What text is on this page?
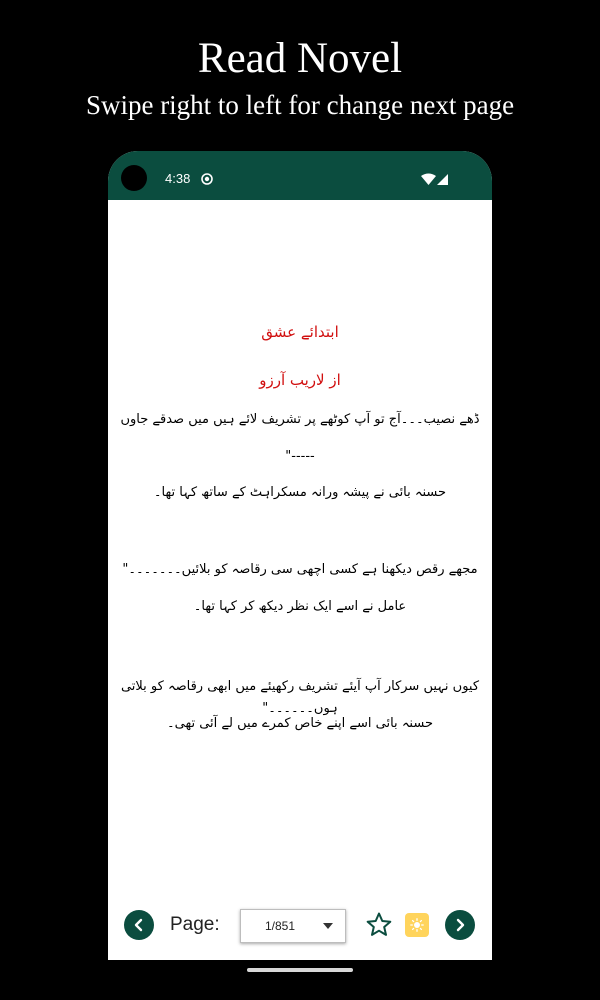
Read Novel
Swipe right to left for change next page
4:38
ابتدائے عشق
از لاریب آرزو
ڈھے نصیب۔۔۔آج تو آپ کوٹھے پر تشریف لائے ہیں میں صدقے جاوں
"-----
حسنہ بائی نے پیشہ ورانہ مسکراہٹ کے ساتھ کہا تھا۔
مجھے رقص دیکھنا ہے کسی اچھی سی رقاصہ کو بلائیں۔۔۔۔۔۔۔"
عامل نے اسے ایک نظر دیکھ کر کہا تھا۔
کیوں نہیں سرکار آپ آیئے تشریف رکھیئے میں ابھی رقاصہ کو بلاتی ہوں۔۔۔۔۔۔"
حسنہ بائی اسے اپنے خاص کمرے میں لے آئی تھی۔
Page:	1/851
